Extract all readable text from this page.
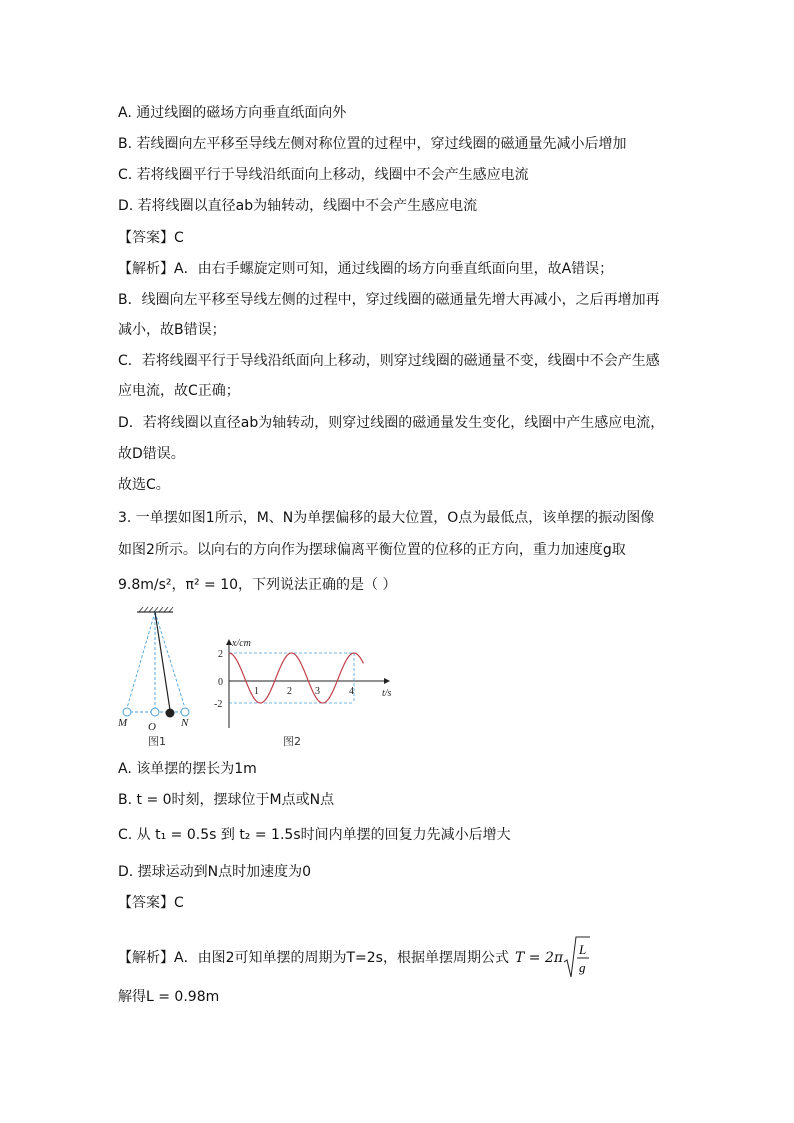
A. 通过线圈的磁场方向垂直纸面向外
B. 若线圈向左平移至导线左侧对称位置的过程中，穿过线圈的磁通量先减小后增加
C. 若将线圈平行于导线沿纸面向上移动，线圈中不会产生感应电流
D. 若将线圈以直径ab为轴转动，线圈中不会产生感应电流
【答案】C
【解析】A．由右手螺旋定则可知，通过线圈的场方向垂直纸面向里，故A错误；
B．线圈向左平移至导线左侧的过程中，穿过线圈的磁通量先增大再减小，之后再增加再
减小，故B错误；
C．若将线圈平行于导线沿纸面向上移动，则穿过线圈的磁通量不变，线圈中不会产生感
应电流，故C正确；
D．若将线圈以直径ab为轴转动，则穿过线圈的磁通量发生变化，线圈中产生感应电流，
故D错误。
故选C。
3. 一单摆如图1所示，M、N为单摆偏移的最大位置，O点为最低点，该单摆的振动图像
如图2所示。以向右的方向作为摆球偏离平衡位置的位移的正方向，重力加速度g取
9.8m/s²，π² = 10，下列说法正确的是（ ）
M O N
图1
x/cm
t/s
2
0
-2
1	2 3	4
图2
A. 该单摆的摆长为1m
B. t = 0时刻，摆球位于M点或N点
C. 从 t₁ = 0.5s 到 t₂ = 1.5s时间内单摆的回复力先减小后增大
D. 摆球运动到N点时加速度为0
【答案】C
【解析】A．由图2可知单摆的周期为T=2s，根据单摆周期公式 T = 2π
L
g
解得L = 0.98m
